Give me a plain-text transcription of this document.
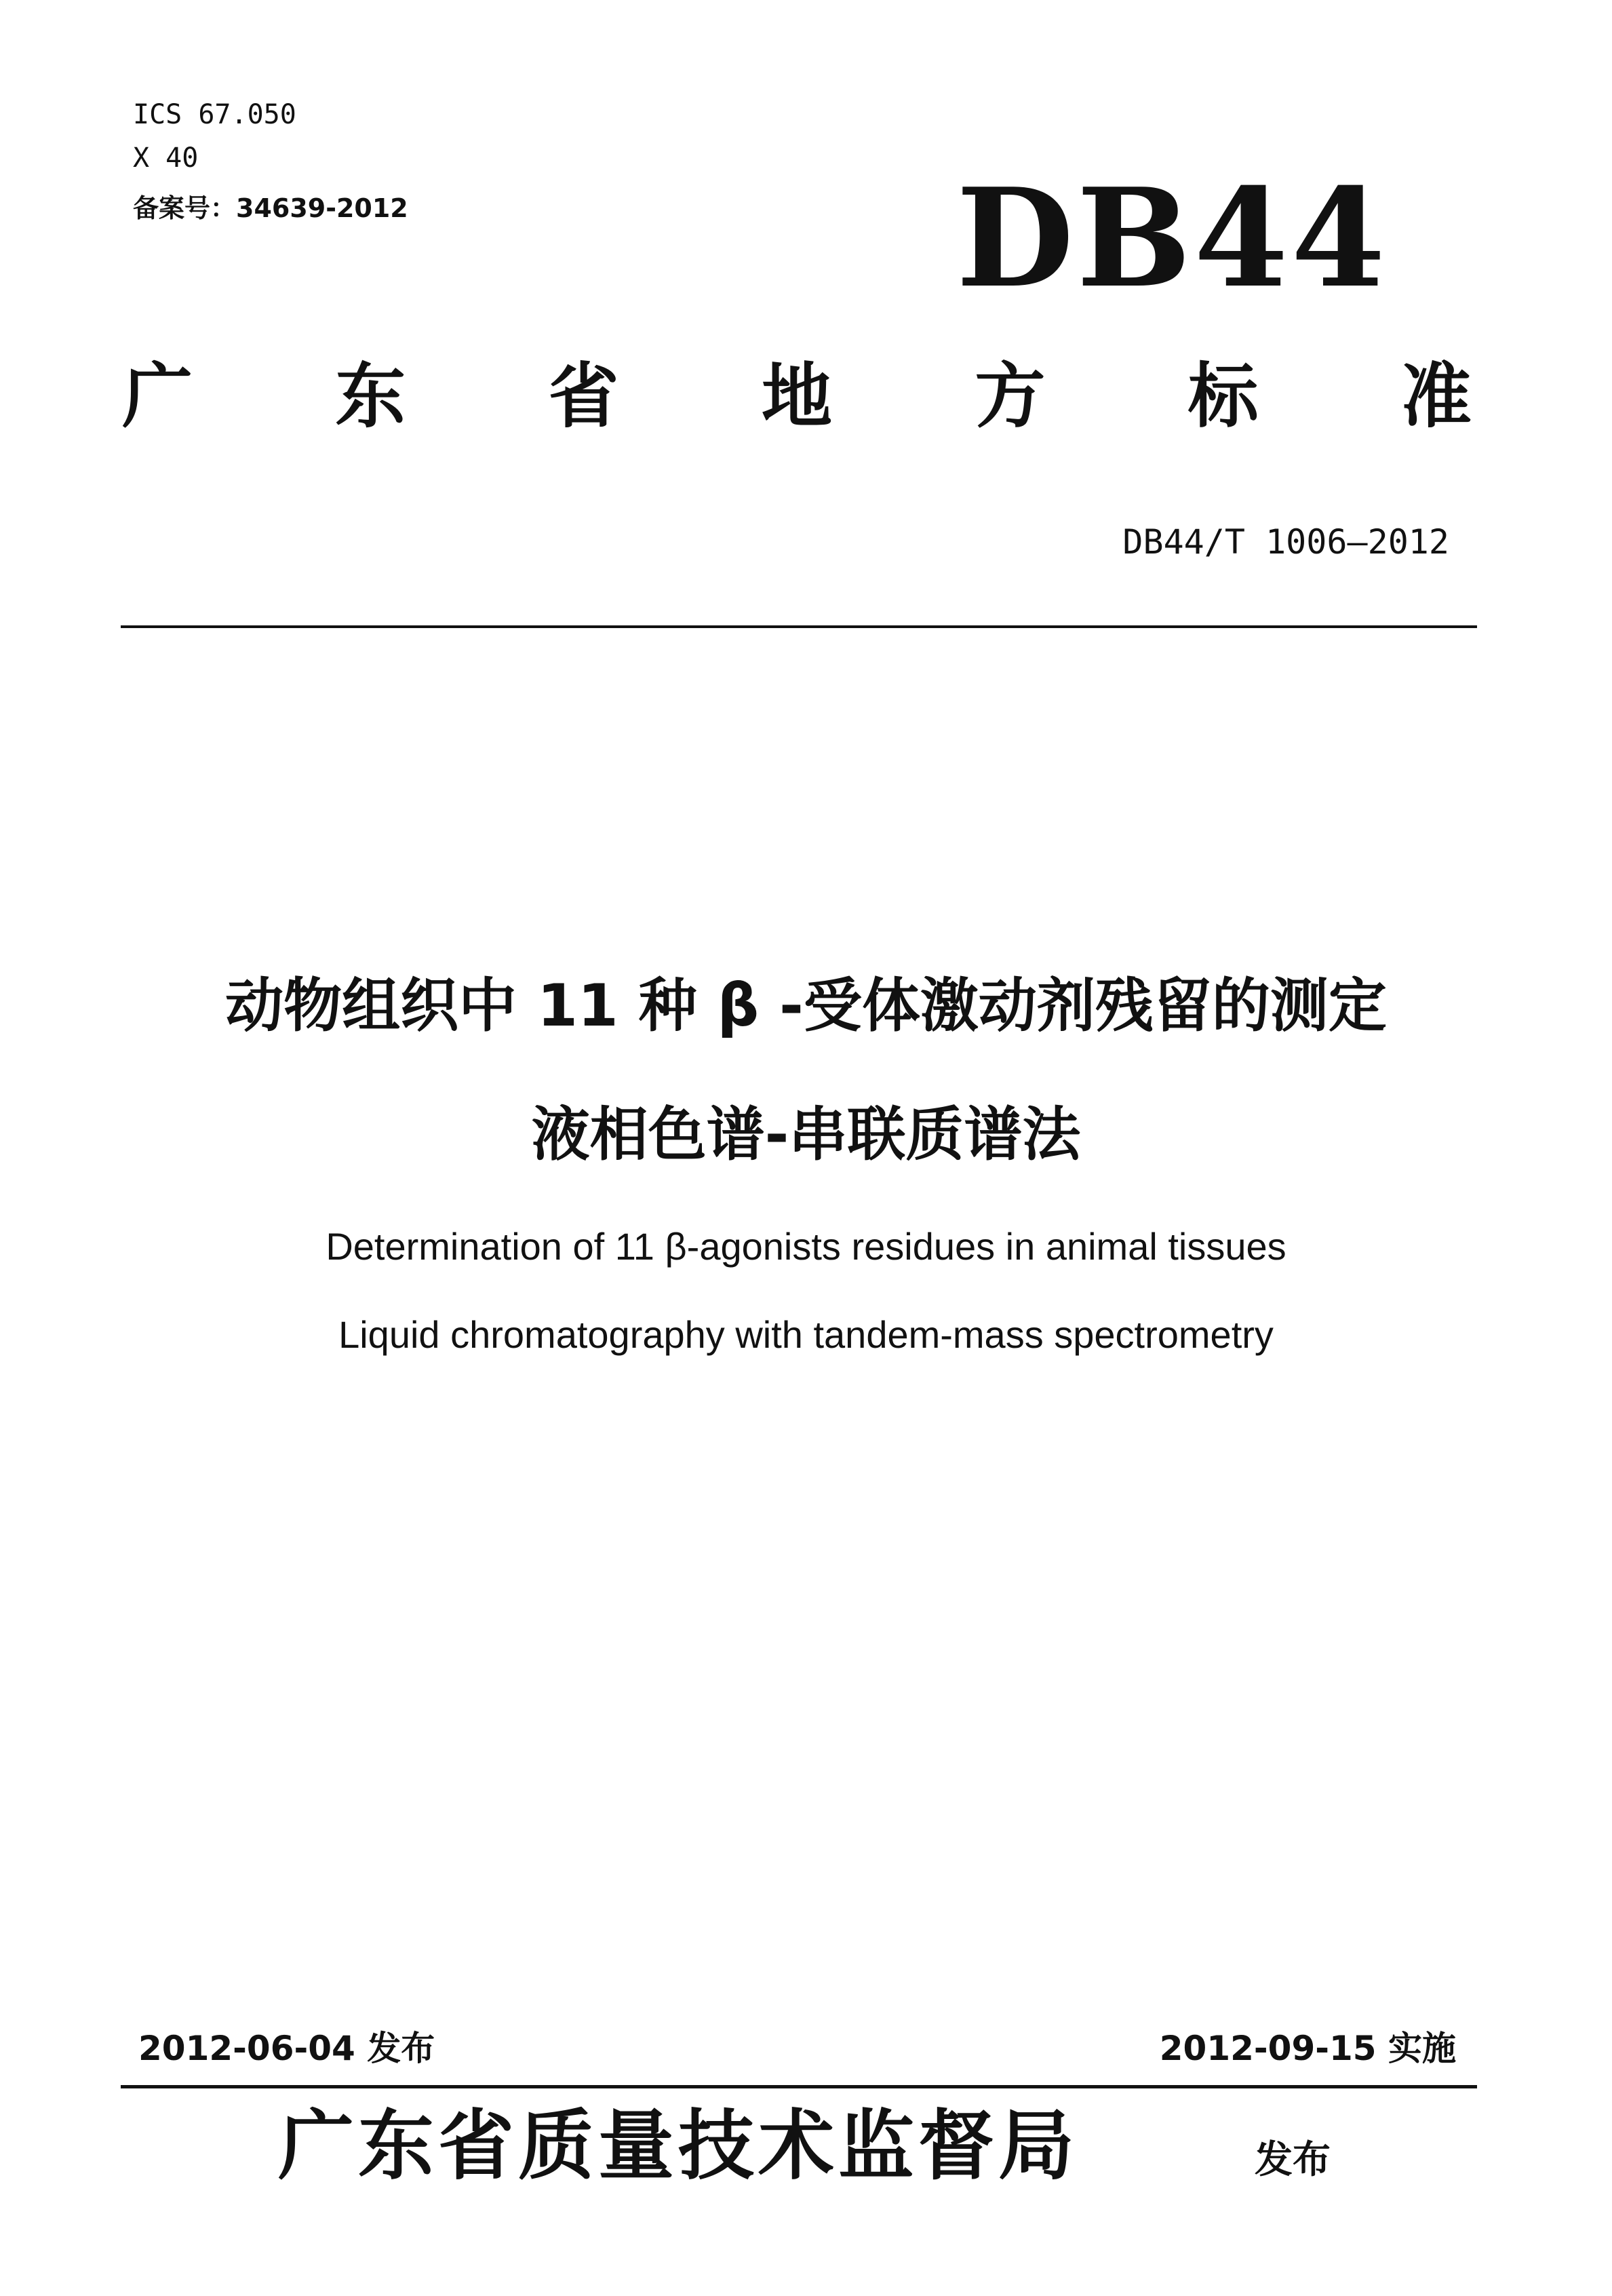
ICS 67.050
X 40
备案号：34639-2012	DB44
广 东 省 地 方 标 准
DB44/T 1006—2012
动物组织中 11 种 β -受体激动剂残留的测定
液相色谱-串联质谱法
Determination of 11 β-agonists residues in animal tissues
Liquid chromatography with tandem-mass spectrometry
2012-06-04 发布	2012-09-15 实施
广东省质量技术监督局	发布
